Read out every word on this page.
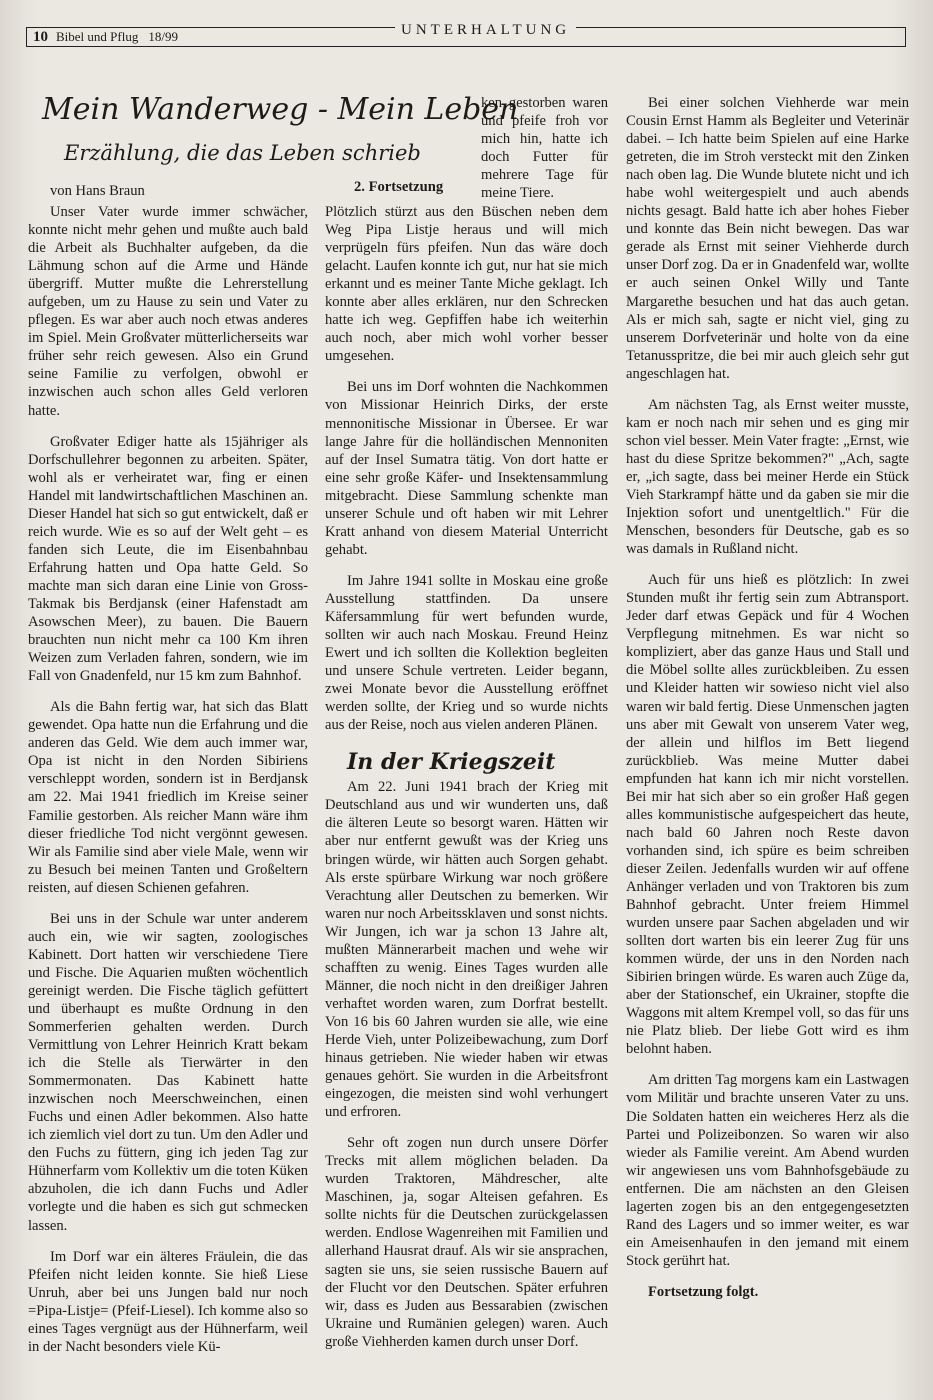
10 Bibel und Pflug 18/99	UNTERHALTUNG
Mein Wanderweg - Mein Leben
Erzählung, die das Leben schrieb
von Hans Braun	2. Fortsetzung

Unser Vater wurde immer schwächer, konnte nicht mehr gehen und mußte auch bald die Arbeit als Buchhalter aufgeben, da die Lähmung schon auf die Arme und Hände übergriff. Mutter mußte die Lehrerstellung aufgeben, um zu Hause zu sein und Vater zu pflegen. Es war aber auch noch etwas anderes im Spiel. Mein Großvater mütterlicherseits war früher sehr reich gewesen. Also ein Grund seine Familie zu verfolgen, obwohl er inzwischen auch schon alles Geld verloren hatte.

Großvater Ediger hatte als 15jähriger als Dorfschullehrer begonnen zu arbeiten. Später, wohl als er verheiratet war, fing er einen Handel mit landwirtschaftlichen Maschinen an. Dieser Handel hat sich so gut entwickelt, daß er reich wurde. Wie es so auf der Welt geht – es fanden sich Leute, die im Eisenbahnbau Erfahrung hatten und Opa hatte Geld. So machte man sich daran eine Linie von Gross-Takmak bis Berdjansk (einer Hafenstadt am Asowschen Meer), zu bauen. Die Bauern brauchten nun nicht mehr ca 100 Km ihren Weizen zum Verladen fahren, sondern, wie im Fall von Gnadenfeld, nur 15 km zum Bahnhof.

Als die Bahn fertig war, hat sich das Blatt gewendet. Opa hatte nun die Erfahrung und die anderen das Geld. Wie dem auch immer war, Opa ist nicht in den Norden Sibiriens verschleppt worden, sondern ist in Berdjansk am 22. Mai 1941 friedlich im Kreise seiner Familie gestorben. Als reicher Mann wäre ihm dieser friedliche Tod nicht vergönnt gewesen. Wir als Familie sind aber viele Male, wenn wir zu Besuch bei meinen Tanten und Großeltern reisten, auf diesen Schienen gefahren.

Bei uns in der Schule war unter anderem auch ein, wie wir sagten, zoologisches Kabinett. Dort hatten wir verschiedene Tiere und Fische. Die Aquarien mußten wöchentlich gereinigt werden. Die Fische täglich gefüttert und überhaupt es mußte Ordnung in den Sommerferien gehalten werden. Durch Vermittlung von Lehrer Heinrich Kratt bekam ich die Stelle als Tierwärter in den Sommermonaten. Das Kabinett hatte inzwischen noch Meerschweinchen, einen Fuchs und einen Adler bekommen. Also hatte ich ziemlich viel dort zu tun. Um den Adler und den Fuchs zu füttern, ging ich jeden Tag zur Hühnerfarm vom Kollektiv um die toten Küken abzuholen, die ich dann Fuchs und Adler vorlegte und die haben es sich gut schmecken lassen.

Im Dorf war ein älteres Fräulein, die das Pfeifen nicht leiden konnte. Sie hieß Liese Unruh, aber bei uns Jungen bald nur noch =Pipa-Listje= (Pfeif-Liesel). Ich komme also so eines Tages vergnügt aus der Hühnerfarm, weil in der Nacht besonders viele Kü-

ken gestorben waren und pfeife froh vor mich hin, hatte ich doch Futter für mehrere Tage für meine Tiere.

Plötzlich stürzt aus den Büschen neben dem Weg Pipa Listje heraus und will mich verprügeln fürs pfeifen. Nun das wäre doch gelacht. Laufen konnte ich gut, nur hat sie mich erkannt und es meiner Tante Miche geklagt. Ich konnte aber alles erklären, nur den Schrecken hatte ich weg. Gepfiffen habe ich weiterhin auch noch, aber mich wohl vorher besser umgesehen.

Bei uns im Dorf wohnten die Nachkommen von Missionar Heinrich Dirks, der erste mennonitische Missionar in Übersee. Er war lange Jahre für die holländischen Mennoniten auf der Insel Sumatra tätig. Von dort hatte er eine sehr große Käfer- und Insektensammlung mitgebracht. Diese Sammlung schenkte man unserer Schule und oft haben wir mit Lehrer Kratt anhand von diesem Material Unterricht gehabt.

Im Jahre 1941 sollte in Moskau eine große Ausstellung stattfinden. Da unsere Käfersammlung für wert befunden wurde, sollten wir auch nach Moskau. Freund Heinz Ewert und ich sollten die Kollektion begleiten und unsere Schule vertreten. Leider begann, zwei Monate bevor die Ausstellung eröffnet werden sollte, der Krieg und so wurde nichts aus der Reise, noch aus vielen anderen Plänen.

In der Kriegszeit

Am 22. Juni 1941 brach der Krieg mit Deutschland aus und wir wunderten uns, daß die älteren Leute so besorgt waren. Hätten wir aber nur entfernt gewußt was der Krieg uns bringen würde, wir hätten auch Sorgen gehabt. Als erste spürbare Wirkung war noch größere Verachtung aller Deutschen zu bemerken. Wir waren nur noch Arbeitssklaven und sonst nichts. Wir Jungen, ich war ja schon 13 Jahre alt, mußten Männerarbeit machen und wehe wir schafften zu wenig. Eines Tages wurden alle Männer, die noch nicht in den dreißiger Jahren verhaftet worden waren, zum Dorfrat bestellt. Von 16 bis 60 Jahren wurden sie alle, wie eine Herde Vieh, unter Polizeibewachung, zum Dorf hinaus getrieben. Nie wieder haben wir etwas genaues gehört. Sie wurden in die Arbeitsfront eingezogen, die meisten sind wohl verhungert und erfroren.

Sehr oft zogen nun durch unsere Dörfer Trecks mit allem möglichen beladen. Da wurden Traktoren, Mähdrescher, alte Maschinen, ja, sogar Alteisen gefahren. Es sollte nichts für die Deutschen zurückgelassen werden. Endlose Wagenreihen mit Familien und allerhand Hausrat drauf. Als wir sie ansprachen, sagten sie uns, sie seien russische Bauern auf der Flucht vor den Deutschen. Später erfuhren wir, dass es Juden aus Bessarabien (zwischen Ukraine und Rumänien gelegen) waren. Auch große Viehherden kamen durch unser Dorf.

Bei einer solchen Viehherde war mein Cousin Ernst Hamm als Begleiter und Veterinär dabei. – Ich hatte beim Spielen auf eine Harke getreten, die im Stroh versteckt mit den Zinken nach oben lag. Die Wunde blutete nicht und ich habe wohl weitergespielt und auch abends nichts gesagt. Bald hatte ich aber hohes Fieber und konnte das Bein nicht bewegen. Das war gerade als Ernst mit seiner Viehherde durch unser Dorf zog. Da er in Gnadenfeld war, wollte er auch seinen Onkel Willy und Tante Margarethe besuchen und hat das auch getan. Als er mich sah, sagte er nicht viel, ging zu unserem Dorfveterinär und holte von da eine Tetanusspritze, die bei mir auch gleich sehr gut angeschlagen hat.

Am nächsten Tag, als Ernst weiter musste, kam er noch nach mir sehen und es ging mir schon viel besser. Mein Vater fragte: „Ernst, wie hast du diese Spritze bekommen?" „Ach, sagte er, „ich sagte, dass bei meiner Herde ein Stück Vieh Starkrampf hätte und da gaben sie mir die Injektion sofort und unentgeltlich." Für die Menschen, besonders für Deutsche, gab es so was damals in Rußland nicht.

Auch für uns hieß es plötzlich: In zwei Stunden mußt ihr fertig sein zum Abtransport. Jeder darf etwas Gepäck und für 4 Wochen Verpflegung mitnehmen. Es war nicht so kompliziert, aber das ganze Haus und Stall und die Möbel sollte alles zurückbleiben. Zu essen und Kleider hatten wir sowieso nicht viel also waren wir bald fertig. Diese Unmenschen jagten uns aber mit Gewalt von unserem Vater weg, der allein und hilflos im Bett liegend zurückblieb. Was meine Mutter dabei empfunden hat kann ich mir nicht vorstellen. Bei mir hat sich aber so ein großer Haß gegen alles kommunistische aufgespeichert das heute, nach bald 60 Jahren noch Reste davon vorhanden sind, ich spüre es beim schreiben dieser Zeilen. Jedenfalls wurden wir auf offene Anhänger verladen und von Traktoren bis zum Bahnhof gebracht. Unter freiem Himmel wurden unsere paar Sachen abgeladen und wir sollten dort warten bis ein leerer Zug für uns kommen würde, der uns in den Norden nach Sibirien bringen würde. Es waren auch Züge da, aber der Stationschef, ein Ukrainer, stopfte die Waggons mit altem Krempel voll, so das für uns nie Platz blieb. Der liebe Gott wird es ihm belohnt haben.

Am dritten Tag morgens kam ein Lastwagen vom Militär und brachte unseren Vater zu uns. Die Soldaten hatten ein weicheres Herz als die Partei und Polizeibonzen. So waren wir also wieder als Familie vereint. Am Abend wurden wir angewiesen uns vom Bahnhofsgebäude zu entfernen. Die am nächsten an den Gleisen lagerten zogen bis an den entgegengesetzten Rand des Lagers und so immer weiter, es war ein Ameisenhaufen in den jemand mit einem Stock gerührt hat.

Fortsetzung folgt.
